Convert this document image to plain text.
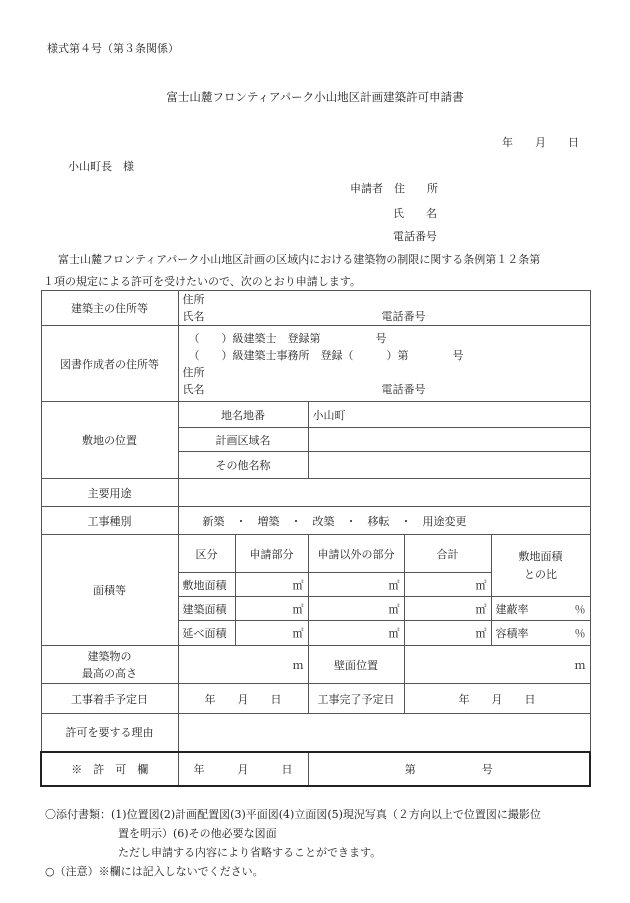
様式第４号（第３条関係）
富士山麓フロンティアパーク小山地区計画建築許可申請書
年　　月　　日
小山町長　様
申請者　住　　所
氏　　名
電話番号
富士山麓フロンティアパーク小山地区計画の区域内における建築物の制限に関する条例第１２条第
１項の規定による許可を受けたいので、次のとおり申請します。
建築主の住所等	住所
氏名 電話番号				

図書作成者の住所等	（　　）級建築士　登録第　　　　　号
（　　）級建築士事務所　登録（　　　）第　　　　号
住所
氏名 電話番号				

敷地の位置	地名地番		小山町		
	計画区域名				
	その他名称				
主要用途					
工事種別	新築　・　増築　・　改築　・　移転　・　用途変更				
面積等	区分	申請部分	申請以外の部分	合計	敷地面積
との比
	敷地面積	㎡	㎡	㎡	
	建築面積	㎡	㎡	㎡	建蔽率 ％

	延べ面積	㎡	㎡	㎡	容積率 ％

建築物の
最高の高さ	ｍ		壁面位置	ｍ	
工事着手予定日	年　　月　　日		工事完了予定日	年　　月　　日	
許可を要する理由					
※　許　可　欄	年　　　月　　　日		第　　　　　　号		
〇添付書類：(1)位置図(2)計画配置図(3)平面図(4)立面図(5)現況写真（２方向以上で位置図に撮影位
置を明示）(6)その他必要な図面
ただし申請する内容により省略することができます。
○（注意）※欄には記入しないでください。
